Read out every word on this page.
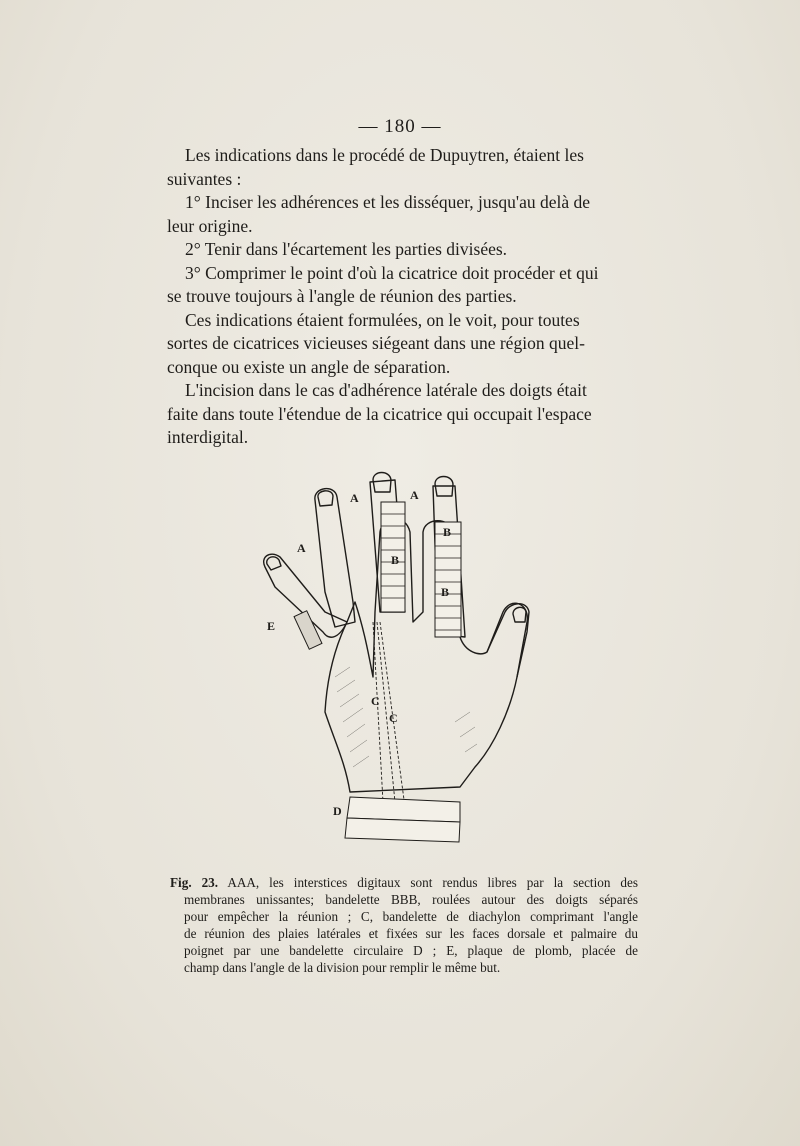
— 180 —

Les indications dans le procédé de Dupuytren, étaient les
suivantes :

1° Inciser les adhérences et les disséquer, jusqu'au delà de
leur origine.

2° Tenir dans l'écartement les parties divisées.

3° Comprimer le point d'où la cicatrice doit procéder et qui
se trouve toujours à l'angle de réunion des parties.

Ces indications étaient formulées, on le voit, pour toutes
sortes de cicatrices vicieuses siégeant dans une région quel-
conque ou existe un angle de séparation.

L'incision dans le cas d'adhérence latérale des doigts était
faite dans toute l'étendue de la cicatrice qui occupait l'espace
interdigital.

A	A
A
B
B
B
C
C
D
E
Fig. 23. AAA, les interstices digitaux sont rendus libres par la section des
membranes unissantes; bandelette BBB, roulées autour des doigts séparés
pour empêcher la réunion ; C, bandelette de diachylon comprimant l'angle
de réunion des plaies latérales et fixées sur les faces dorsale et palmaire du
poignet par une bandelette circulaire D ; E, plaque de plomb, placée de
champ dans l'angle de la division pour remplir le même but.
